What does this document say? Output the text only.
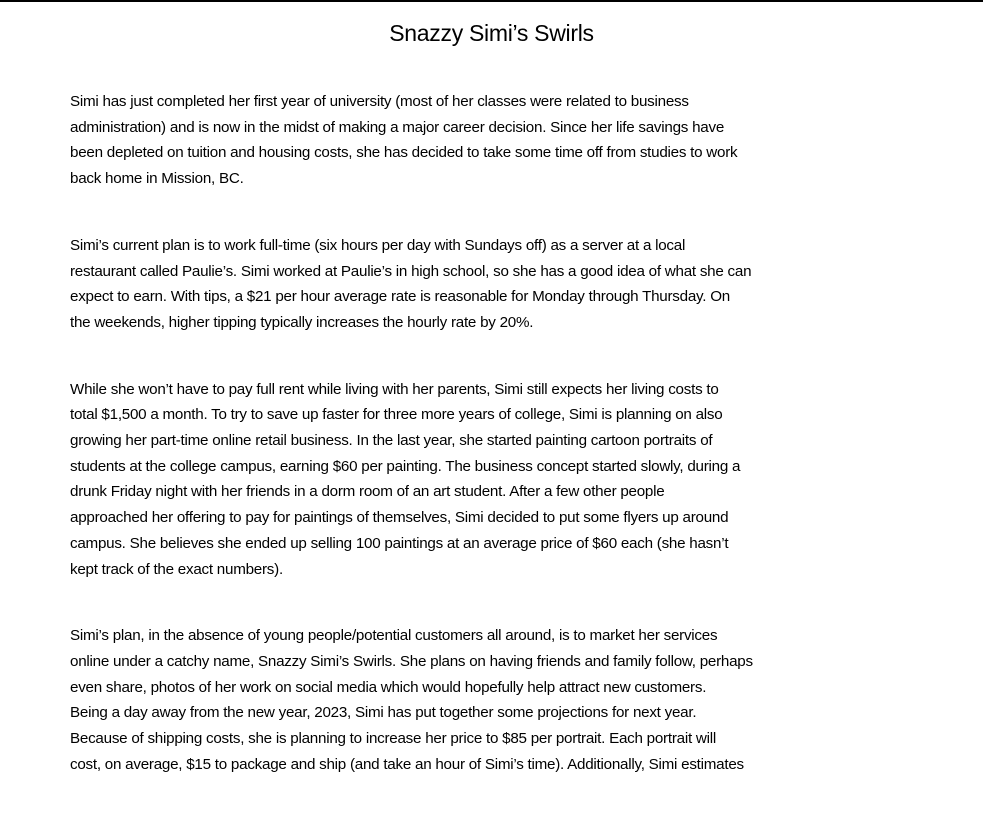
Snazzy Simi’s Swirls

Simi has just completed her first year of university (most of her classes were related to business
administration) and is now in the midst of making a major career decision. Since her life savings have
been depleted on tuition and housing costs, she has decided to take some time off from studies to work
back home in Mission, BC.

Simi’s current plan is to work full-time (six hours per day with Sundays off) as a server at a local
restaurant called Paulie’s. Simi worked at Paulie’s in high school, so she has a good idea of what she can
expect to earn. With tips, a $21 per hour average rate is reasonable for Monday through Thursday. On
the weekends, higher tipping typically increases the hourly rate by 20%.

While she won’t have to pay full rent while living with her parents, Simi still expects her living costs to
total $1,500 a month. To try to save up faster for three more years of college, Simi is planning on also
growing her part-time online retail business. In the last year, she started painting cartoon portraits of
students at the college campus, earning $60 per painting. The business concept started slowly, during a
drunk Friday night with her friends in a dorm room of an art student. After a few other people
approached her offering to pay for paintings of themselves, Simi decided to put some flyers up around
campus. She believes she ended up selling 100 paintings at an average price of $60 each (she hasn’t
kept track of the exact numbers).

Simi’s plan, in the absence of young people/potential customers all around, is to market her services
online under a catchy name, Snazzy Simi’s Swirls. She plans on having friends and family follow, perhaps
even share, photos of her work on social media which would hopefully help attract new customers.
Being a day away from the new year, 2023, Simi has put together some projections for next year.
Because of shipping costs, she is planning to increase her price to $85 per portrait. Each portrait will
cost, on average, $15 to package and ship (and take an hour of Simi’s time). Additionally, Simi estimates
